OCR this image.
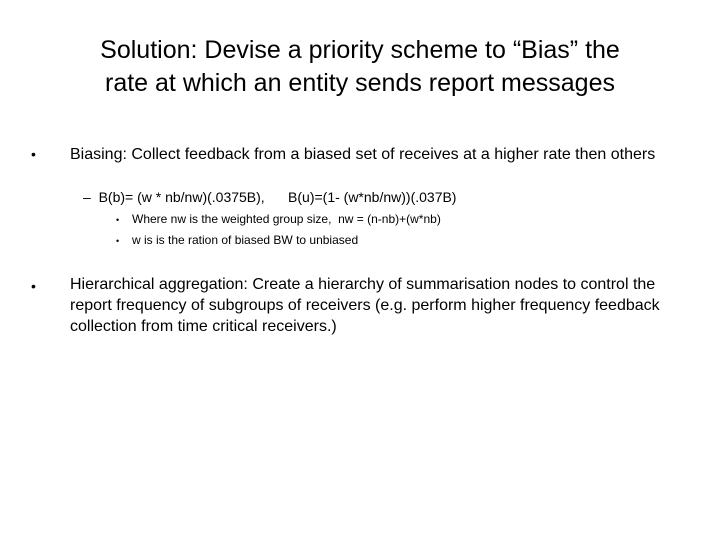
Solution: Devise a priority scheme to “Bias” the
rate at which an entity sends report messages
• Biasing: Collect feedback from a biased set of receives at a higher rate then others
– B(b)= (w * nb/nw)(.0375B),      B(u)=(1- (w*nb/nw))(.037B)
• Where nw is the weighted group size,  nw = (n-nb)+(w*nb)
• w is is the ration of biased BW to unbiased
• Hierarchical aggregation: Create a hierarchy of summarisation nodes to control the report frequency of subgroups of receivers (e.g. perform higher frequency feedback collection from time critical receivers.)
